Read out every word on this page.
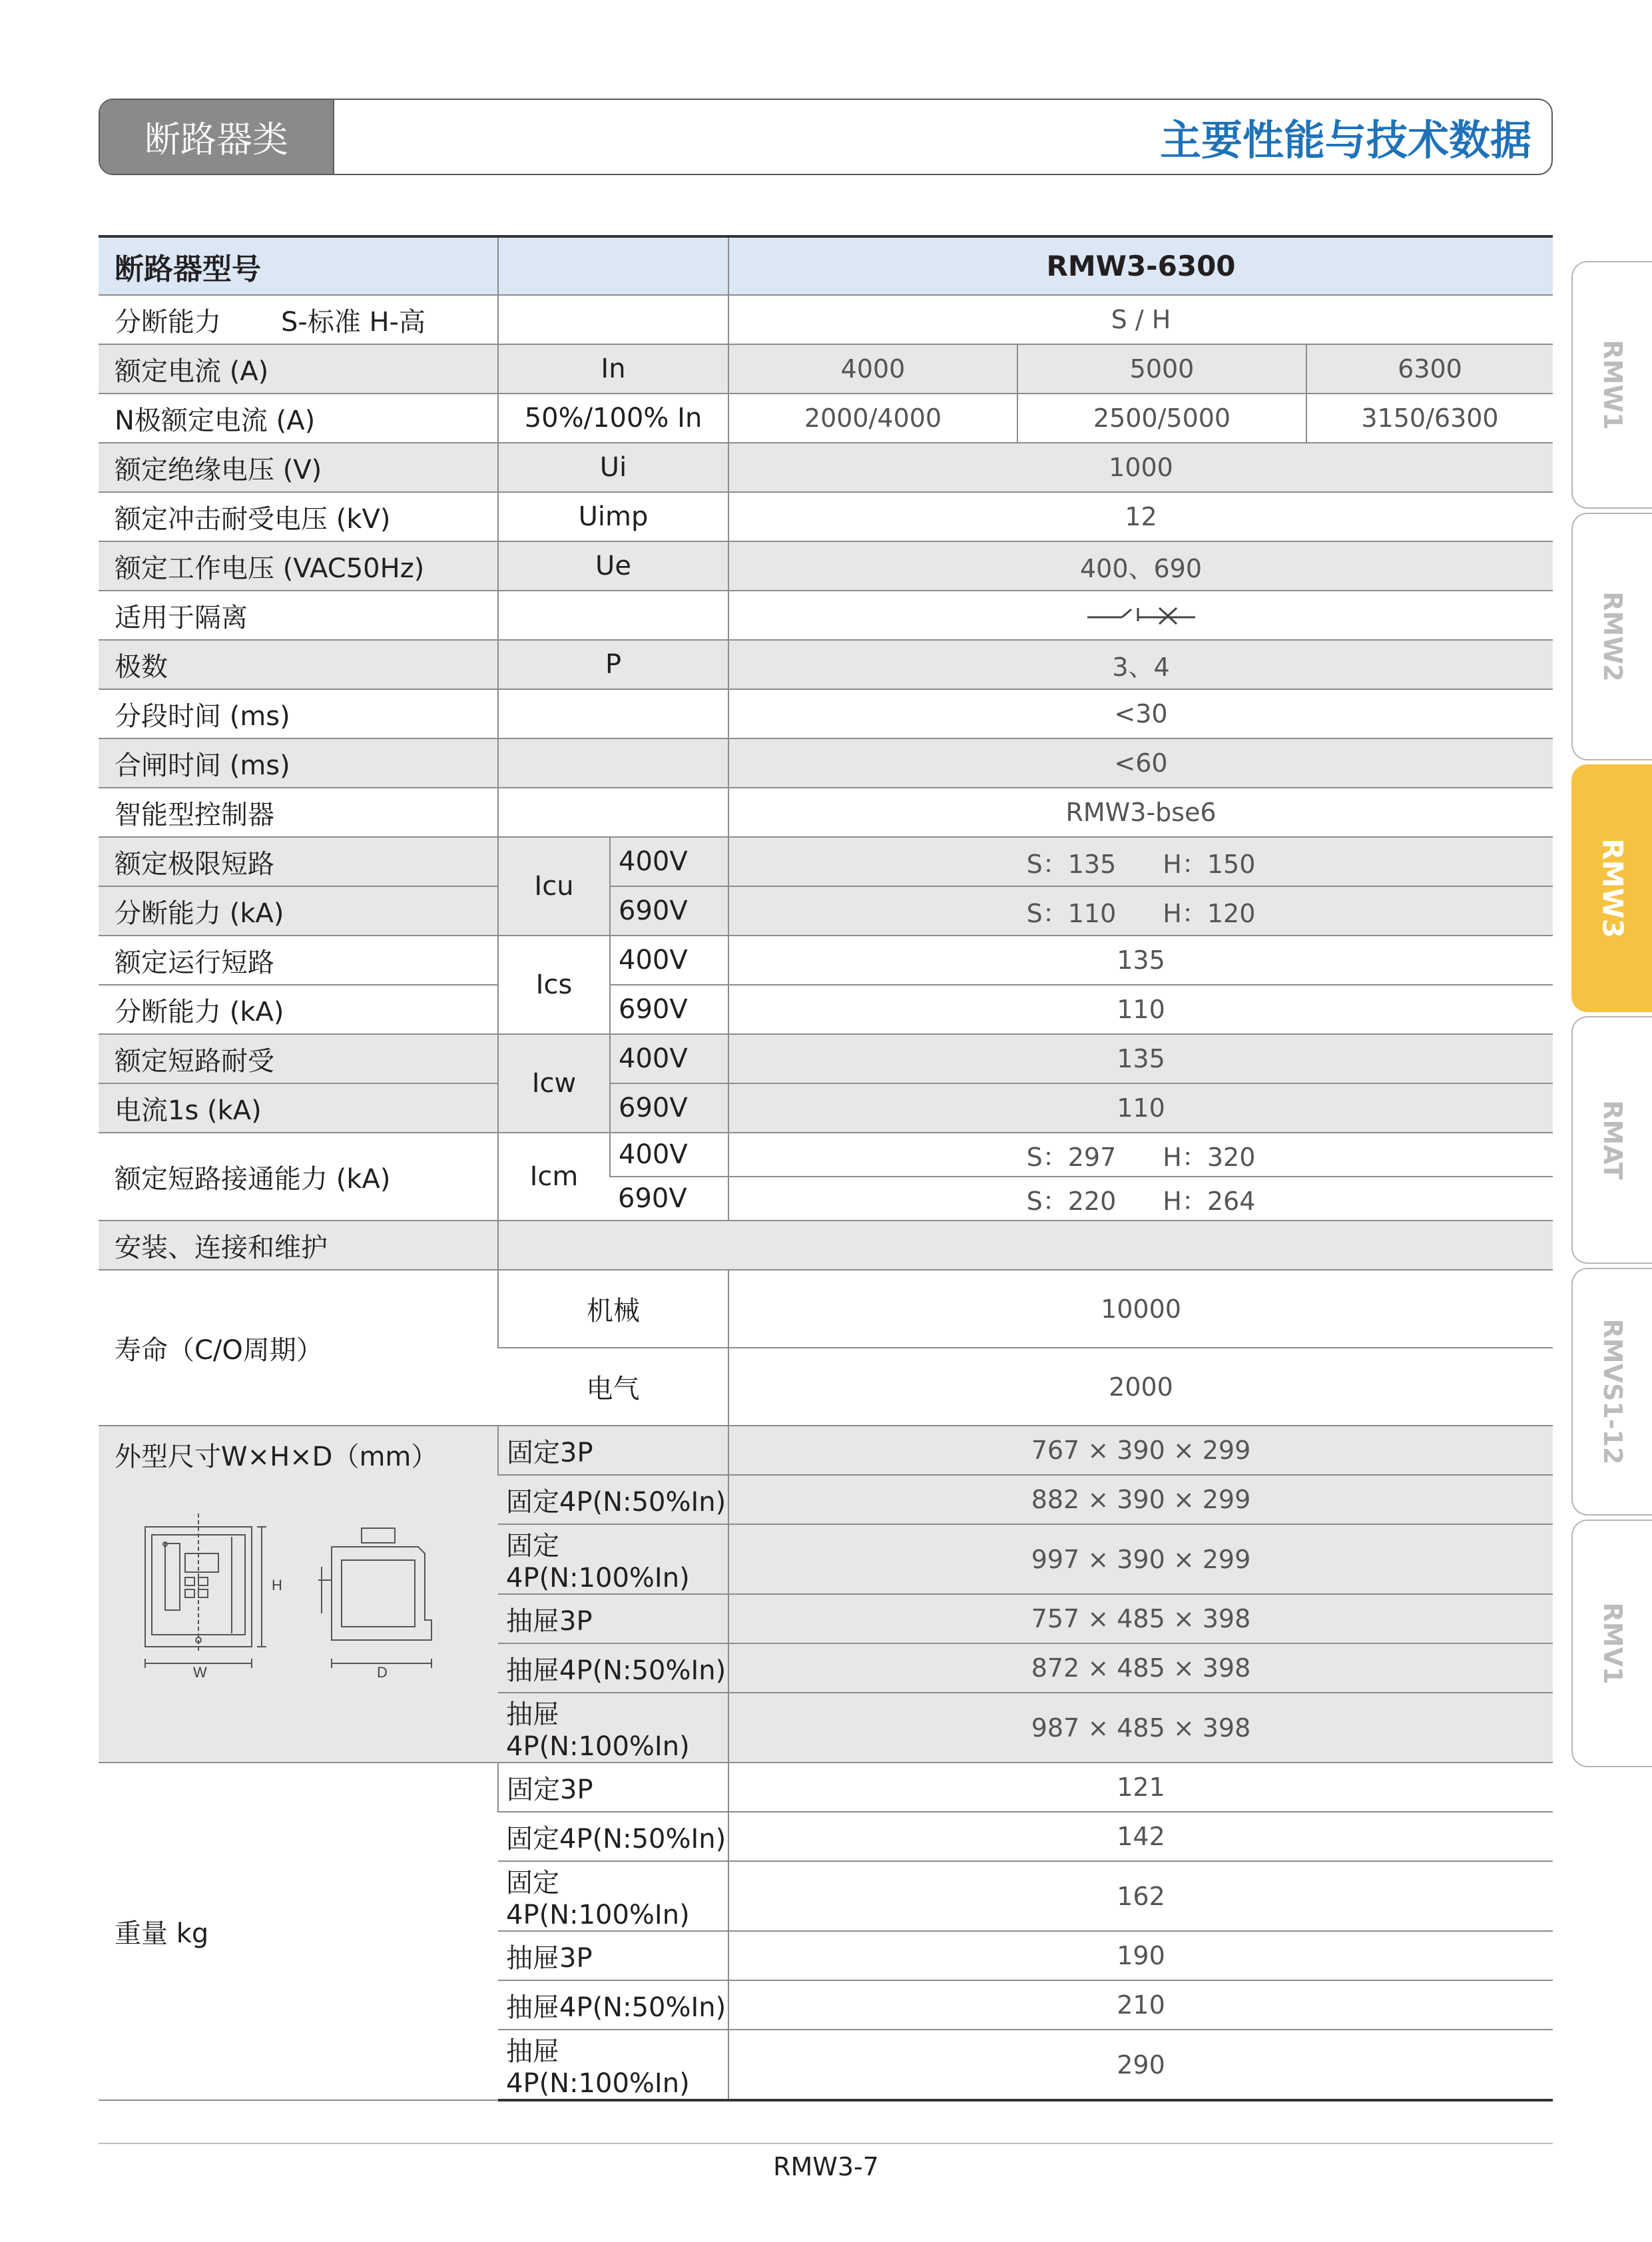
断路器类	主要性能与技术数据
RMW1
RMW2
RMW3
RMAT
RMVS1-12
RMV1
断路器型号			RMW3-6300		
分断能力 S-标准 H-高			S / H		
额定电流 (A)	In		4000	5000	6300
N极额定电流 (A)	50%/100% In		2000/4000	2500/5000	3150/6300
额定绝缘电压 (V)	Ui		1000		
额定冲击耐受电压 (kV)	Uimp		12		
额定工作电压 (VAC50Hz)	Ue		400、690		
适用于隔离		
极数	P		3、4		
分段时间 (ms)			<30		
合闸时间 (ms)			<60		
智能型控制器			RMW3-bse6		
额定极限短路	Icu	400V	S：135 H：150		
分断能力 (kA)		690V	S：110 H：120		
额定运行短路	Ics	400V	135		
分断能力 (kA)		690V	110		
额定短路耐受	Icw	400V	135		
电流1s (kA)		690V	110		
额定短路接通能力 (kA)	Icm	400V	S：297 H：320		
		690V	S：220 H：264		
安装、连接和维护					
寿命（C/O周期）	机械		10000		
	电气		2000		

外型尺寸W×H×D（mm）
H
W D	固定3P		767 × 390 × 299		
	固定4P(N:50%In)		882 × 390 × 299		
	固定4P(N:100%In)		997 × 390 × 299		
	抽屉3P		757 × 485 × 398		
	抽屉4P(N:50%In)		872 × 485 × 398		
	抽屉4P(N:100%In)		987 × 485 × 398		
重量 kg	固定3P		121		
	固定4P(N:50%In)		142		
	固定4P(N:100%In)		162		
	抽屉3P		190		
	抽屉4P(N:50%In)		210		
	抽屉4P(N:100%In)		290		
RMW3-7
